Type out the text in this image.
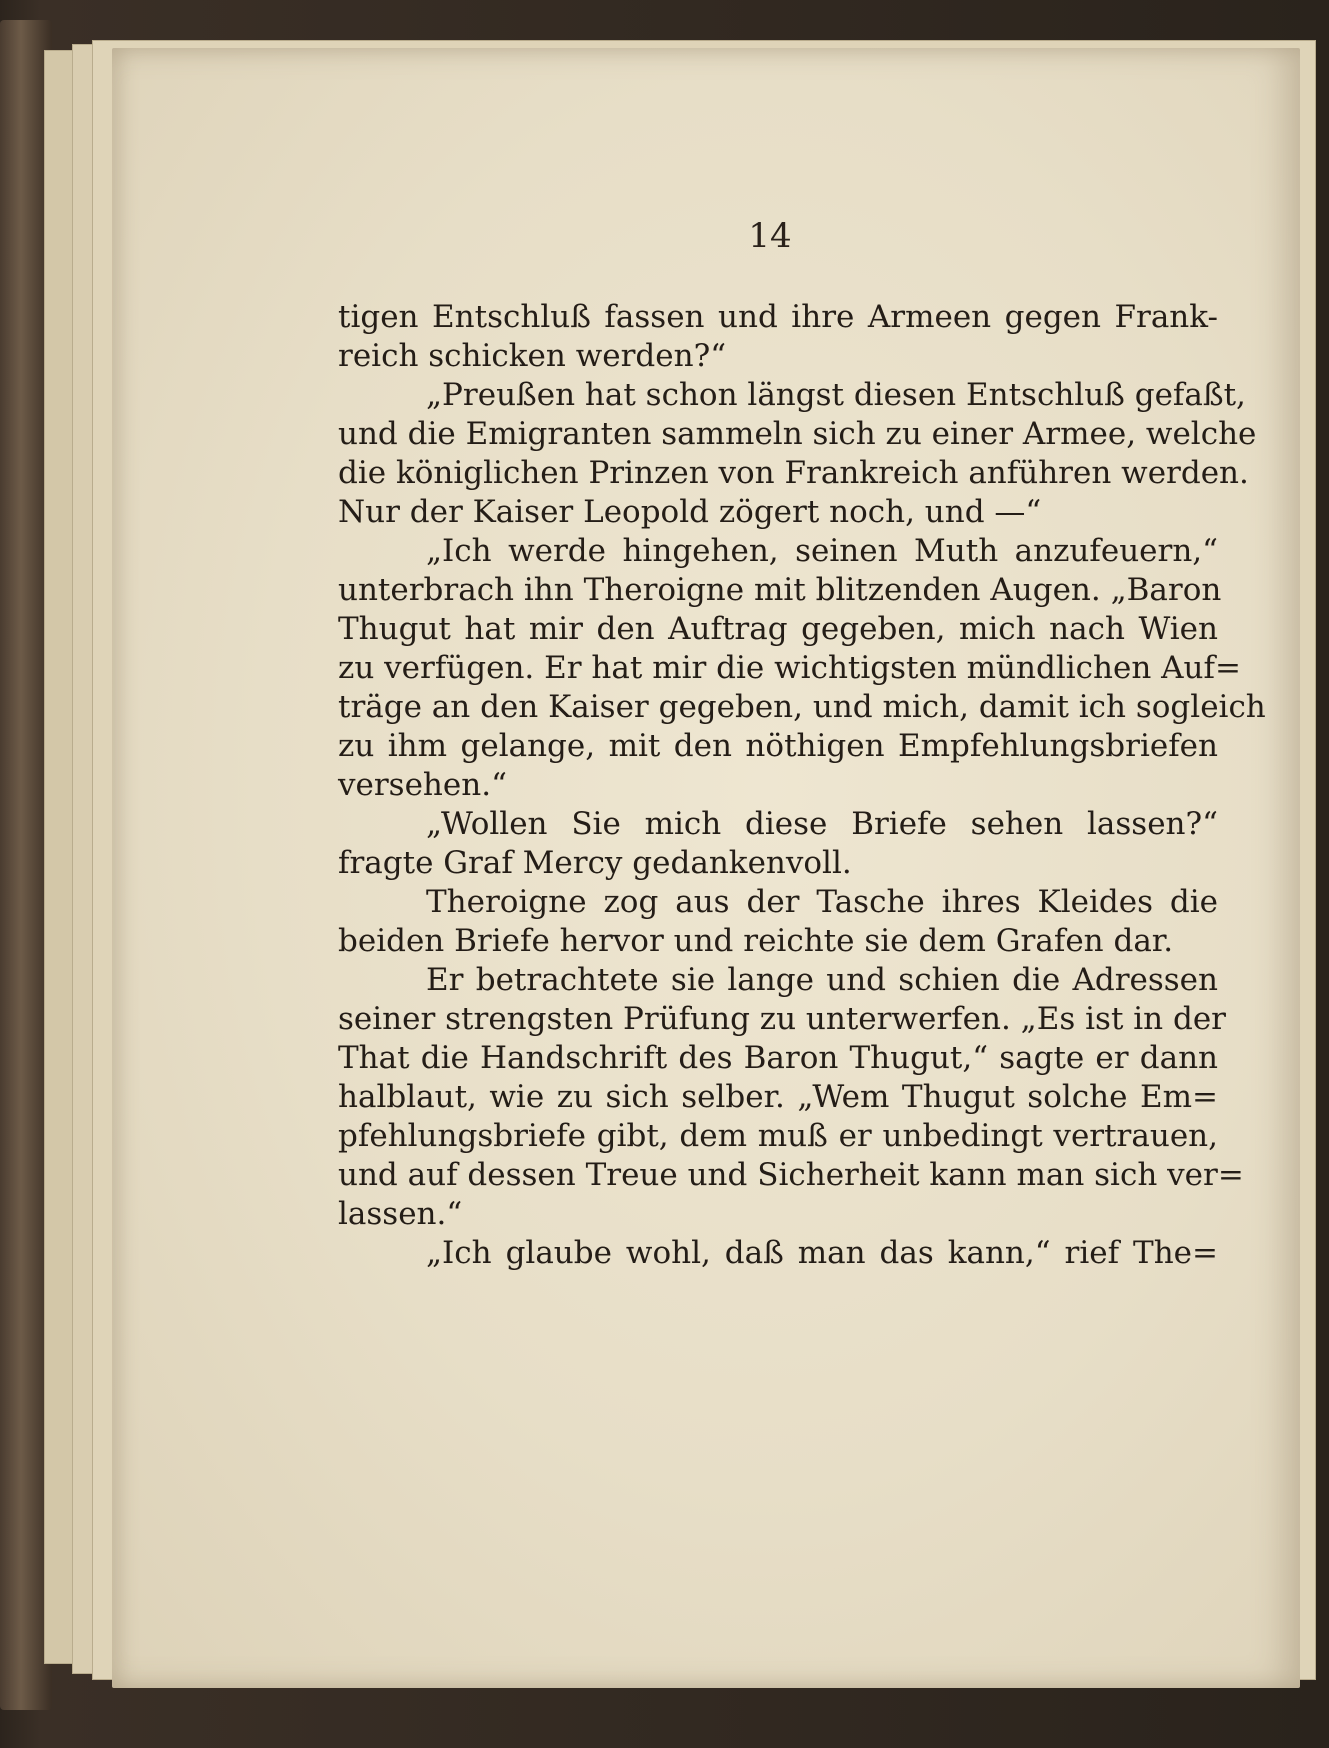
14
tigen Entschluß fassen und ihre Armeen gegen Frank-
reich schicken werden?“
„Preußen hat schon längst diesen Entschluß gefaßt,
und die Emigranten sammeln sich zu einer Armee, welche
die königlichen Prinzen von Frankreich anführen werden.
Nur der Kaiser Leopold zögert noch, und —“
„Ich werde hingehen, seinen Muth anzufeuern,“
unterbrach ihn Theroigne mit blitzenden Augen. „Baron
Thugut hat mir den Auftrag gegeben, mich nach Wien
zu verfügen. Er hat mir die wichtigsten mündlichen Auf=
träge an den Kaiser gegeben, und mich, damit ich sogleich
zu ihm gelange, mit den nöthigen Empfehlungsbriefen
versehen.“
„Wollen Sie mich diese Briefe sehen lassen?“
fragte Graf Mercy gedankenvoll.
Theroigne zog aus der Tasche ihres Kleides die
beiden Briefe hervor und reichte sie dem Grafen dar.
Er betrachtete sie lange und schien die Adressen
seiner strengsten Prüfung zu unterwerfen. „Es ist in der
That die Handschrift des Baron Thugut,“ sagte er dann
halblaut, wie zu sich selber. „Wem Thugut solche Em=
pfehlungsbriefe gibt, dem muß er unbedingt vertrauen,
und auf dessen Treue und Sicherheit kann man sich ver=
lassen.“
„Ich glaube wohl, daß man das kann,“ rief The=
